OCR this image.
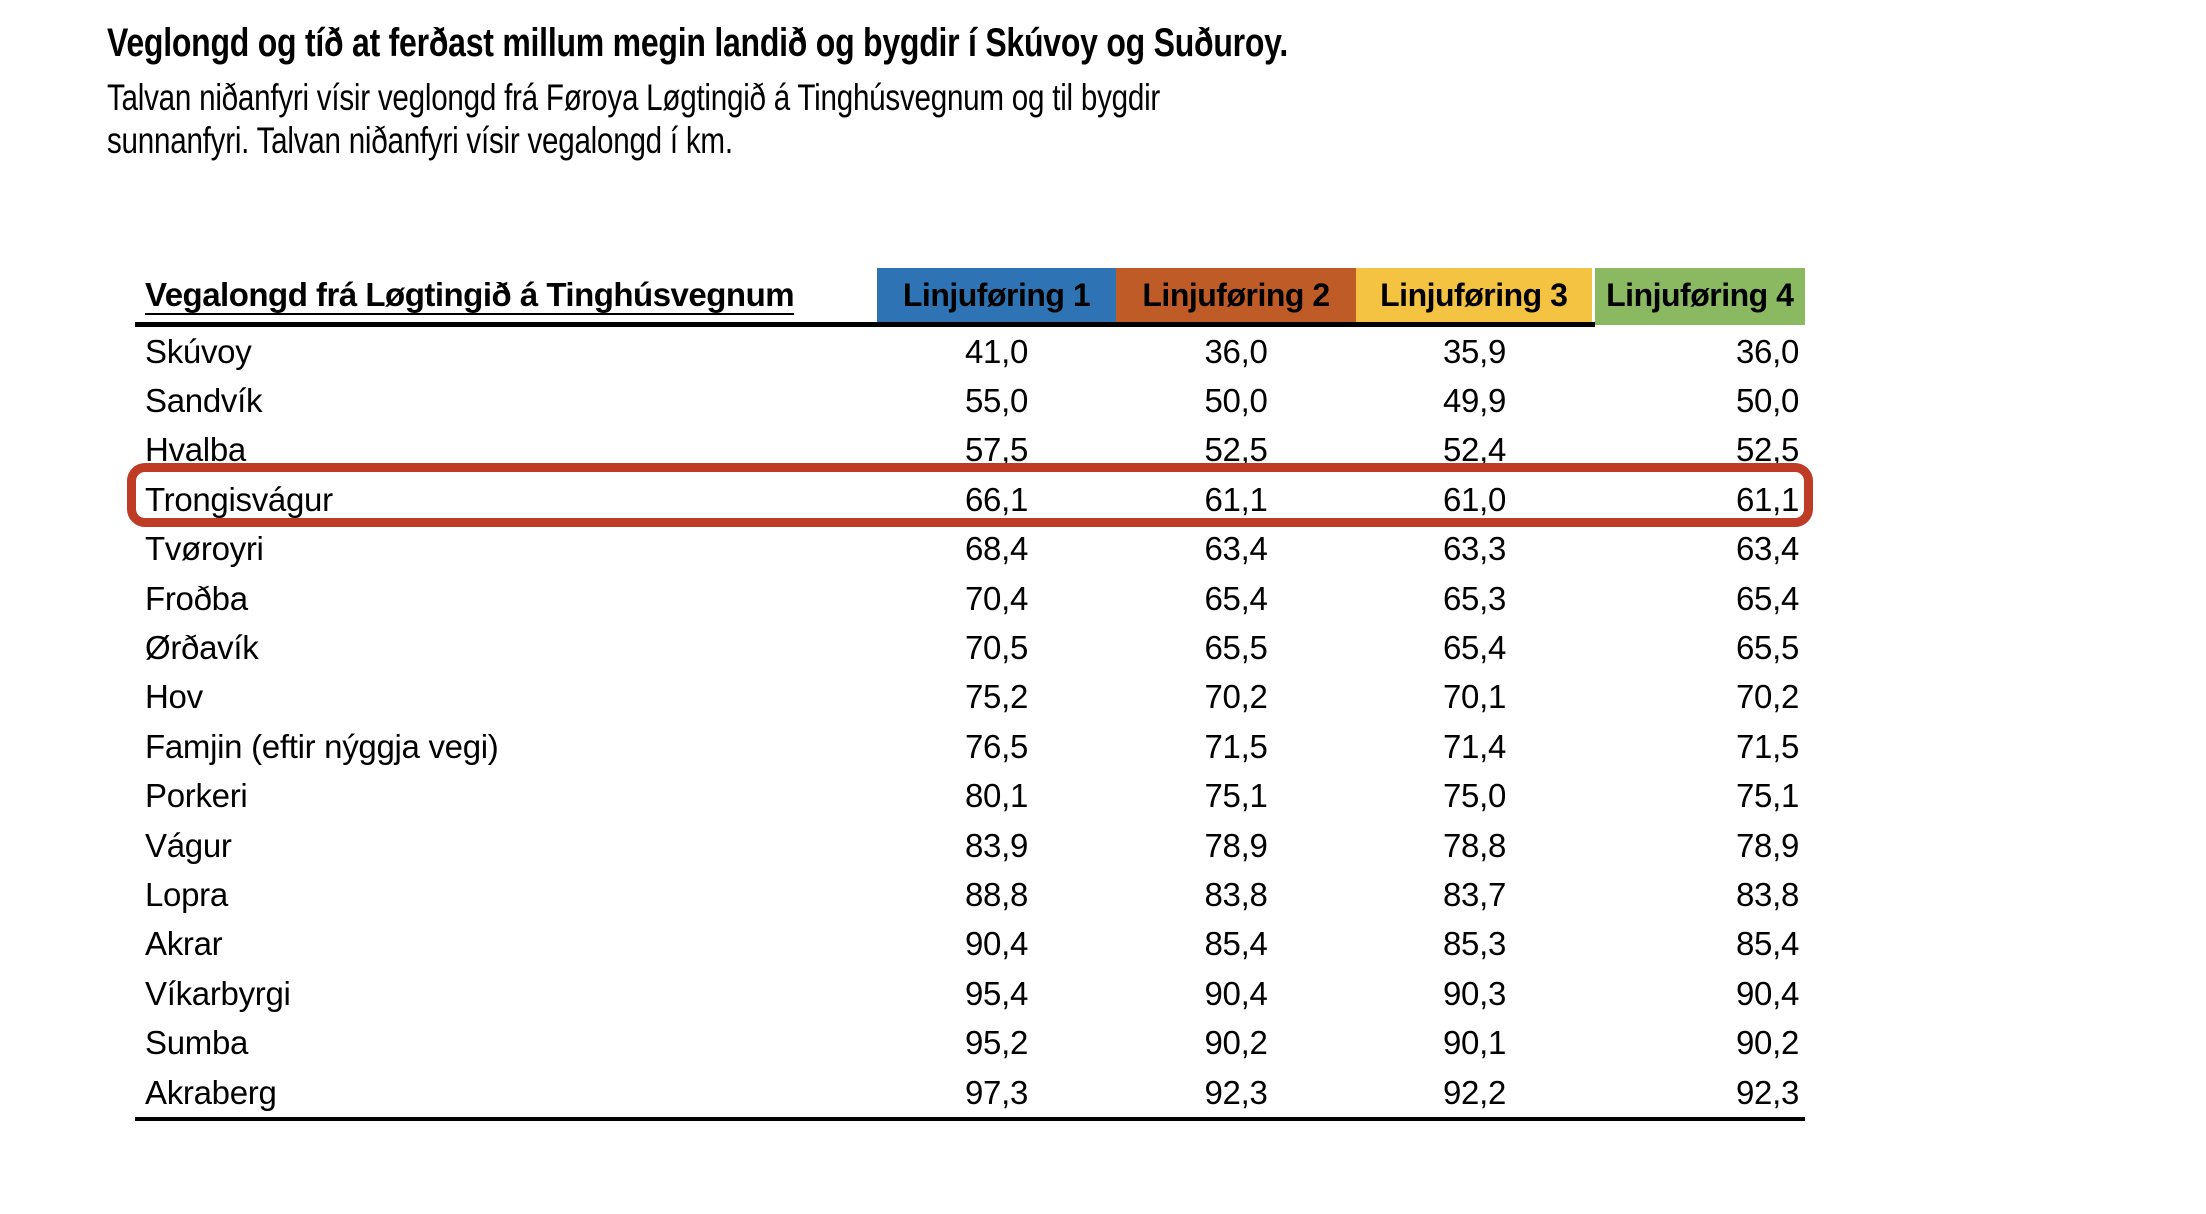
Veglongd og tíð at ferðast millum megin landið og bygdir í Skúvoy og Suðuroy.
Talvan niðanfyri vísir veglongd frá Føroya Løgtingið á Tinghúsvegnum og til bygdir
sunnanfyri. Talvan niðanfyri vísir vegalongd í km.
Vegalongd frá Løgtingið á Tinghúsvegnum	Linjuføring 1	Linjuføring 2	Linjuføring 3	Linjuføring 4
Skúvoy	41,0	36,0	35,9	36,0
Sandvík	55,0	50,0	49,9	50,0
Hvalba	57,5	52,5	52,4	52,5
Trongisvágur	66,1	61,1	61,0	61,1
Tvøroyri	68,4	63,4	63,3	63,4
Froðba	70,4	65,4	65,3	65,4
Ørðavík	70,5	65,5	65,4	65,5
Hov	75,2	70,2	70,1	70,2
Famjin (eftir nýggja vegi)	76,5	71,5	71,4	71,5
Porkeri	80,1	75,1	75,0	75,1
Vágur	83,9	78,9	78,8	78,9
Lopra	88,8	83,8	83,7	83,8
Akrar	90,4	85,4	85,3	85,4
Víkarbyrgi	95,4	90,4	90,3	90,4
Sumba	95,2	90,2	90,1	90,2
Akraberg	97,3	92,3	92,2	92,3
